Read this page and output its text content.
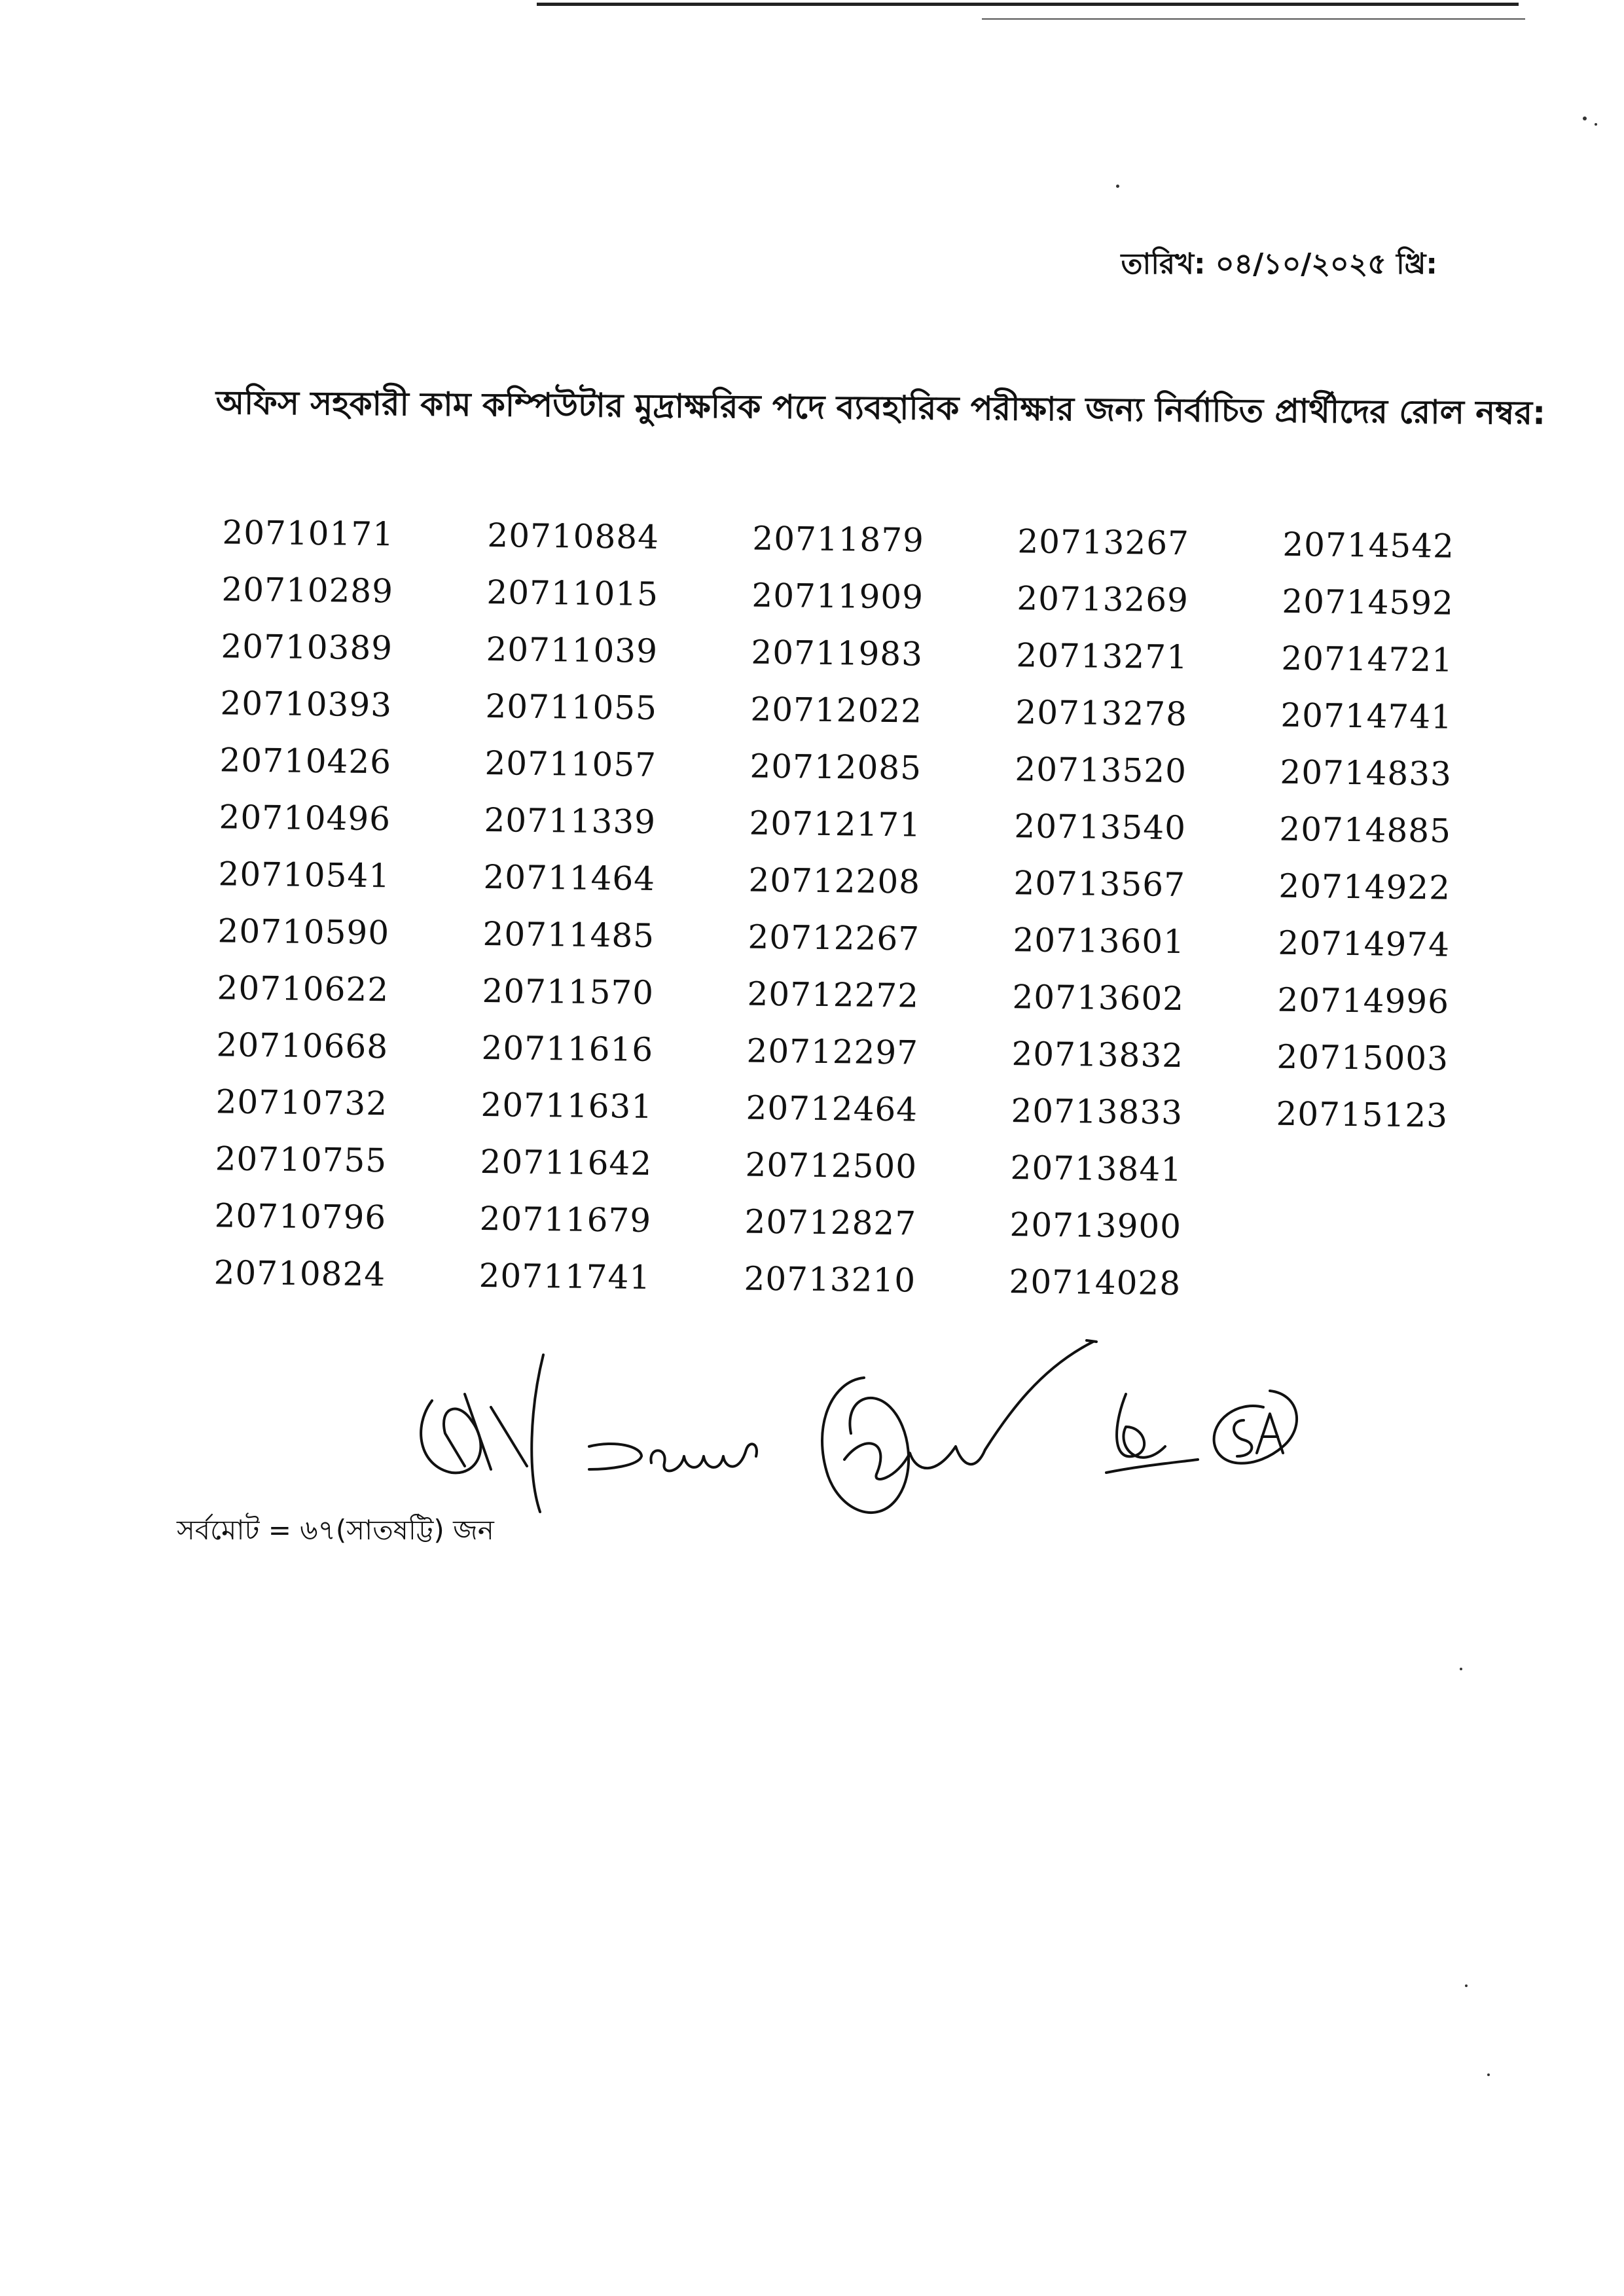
তারিখ: ০৪/১০/২০২৫ খ্রি:
অফিস সহকারী কাম কম্পিউটার মুদ্রাক্ষরিক পদে ব্যবহারিক পরীক্ষার জন্য নির্বাচিত প্রার্থীদের রোল নম্বর:
20710171
20710289
20710389
20710393
20710426
20710496
20710541
20710590
20710622
20710668
20710732
20710755
20710796
20710824
20710884
20711015
20711039
20711055
20711057
20711339
20711464
20711485
20711570
20711616
20711631
20711642
20711679
20711741
20711879
20711909
20711983
20712022
20712085
20712171
20712208
20712267
20712272
20712297
20712464
20712500
20712827
20713210
20713267
20713269
20713271
20713278
20713520
20713540
20713567
20713601
20713602
20713832
20713833
20713841
20713900
20714028
20714542
20714592
20714721
20714741
20714833
20714885
20714922
20714974
20714996
20715003
20715123
সর্বমোট = ৬৭(সাতষট্টি) জন
